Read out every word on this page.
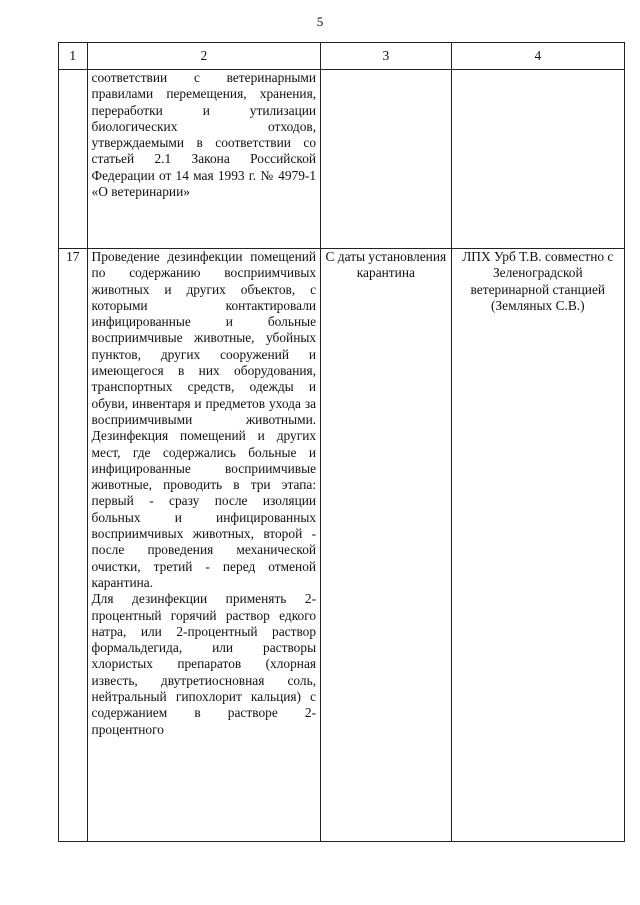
5
1	2	3	4

	соответствии с ветеринарными правилами перемещения, хранения, переработки и утилизации биологических отходов, утверждаемыми в соответствии со статьей 2.1 Закона Российской Федерации от 14 мая 1993 г. № 4979-1 «О ветеринарии»		

17	Проведение дезинфекции помещений по содержанию восприимчивых животных и других объектов, с которыми контактировали инфицированные и больные восприимчивые животные, убойных пунктов, других сооружений и имеющегося в них оборудования, транспортных средств, одежды и обуви, инвентаря и предметов ухода за восприимчивыми животными. Дезинфекция помещений и других мест, где содержались больные и инфицированные восприимчивые животные, проводить в три этапа: первый - сразу после изоляции больных и инфицированных восприимчивых животных, второй - после проведения механической очистки, третий - перед отменой карантина.

Для дезинфекции применять 2-процентный горячий раствор едкого натра, или 2-процентный раствор формальдегида, или растворы хлористых препаратов (хлорная известь, двутретиосновная соль, нейтральный гипохлорит кальция) с содержанием в растворе 2-процентного	С даты установления карантина	ЛПХ Урб Т.В. совместно с Зеленоградской ветеринарной станцией (Земляных С.В.)
